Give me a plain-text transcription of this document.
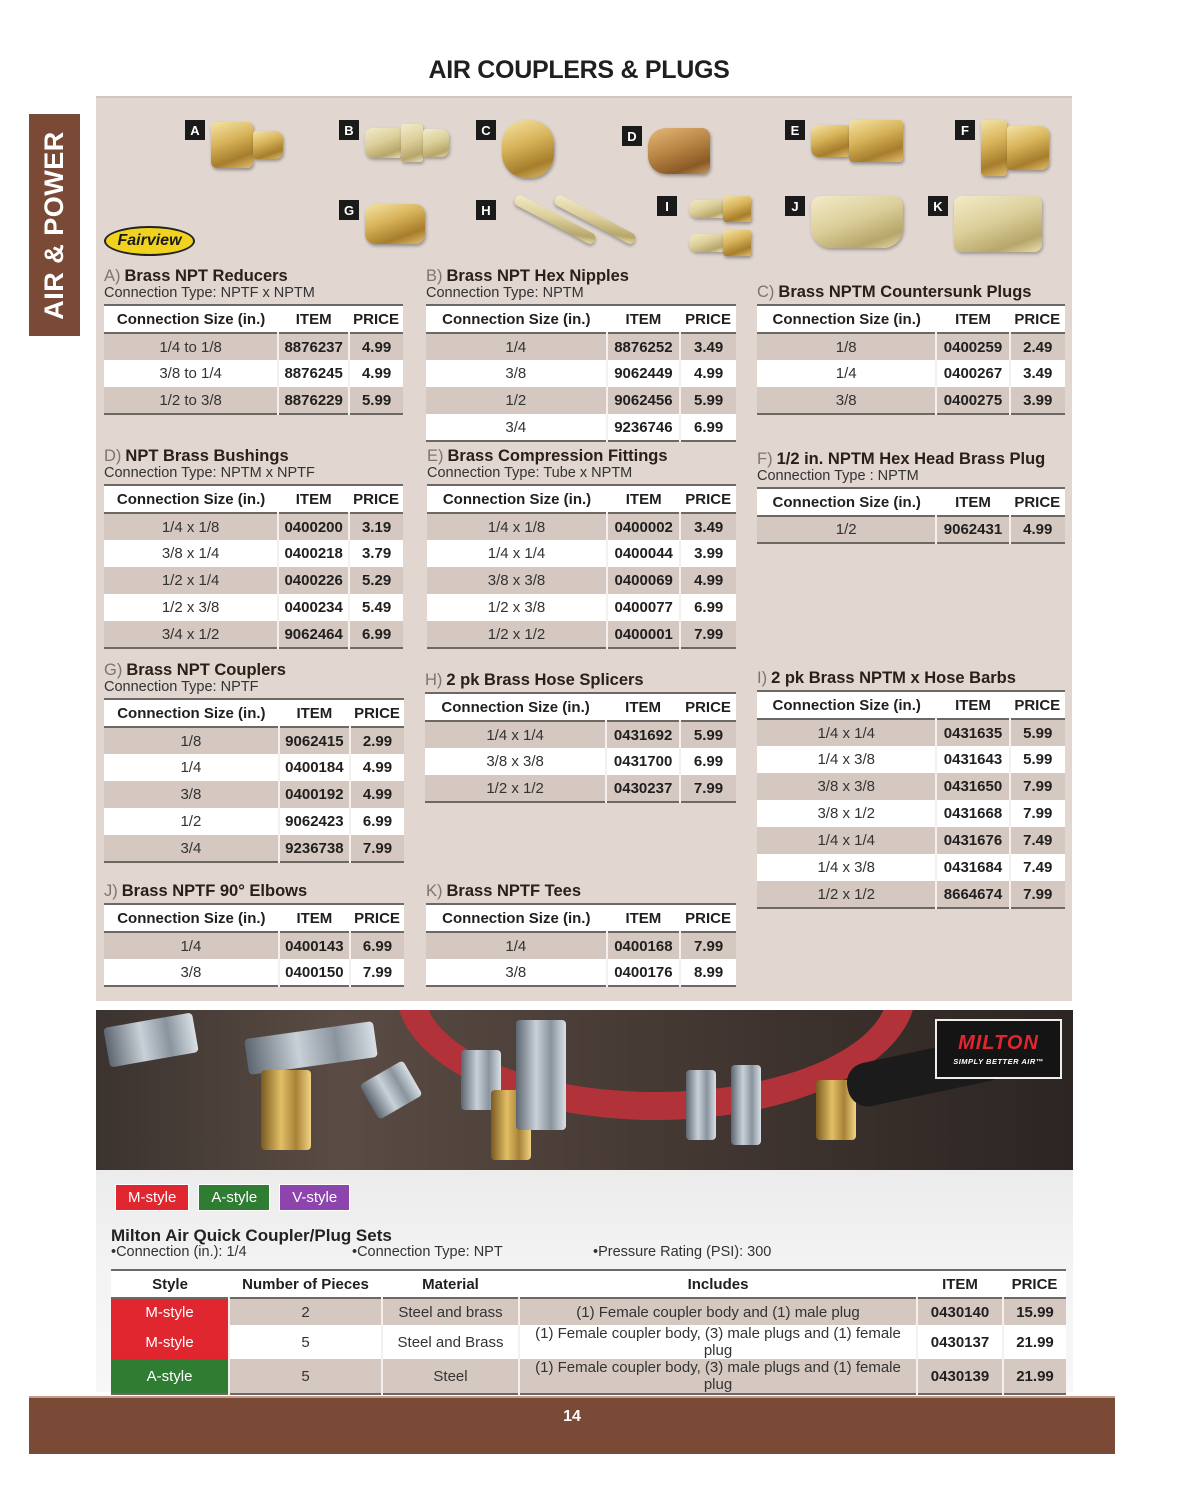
AIR COUPLERS & PLUGS
AIR & POWER
A	B	C	D	E	F
G	H	I	J	K
Fairview
A) Brass NPT Reducers
Connection Type: NPTF x NPTM
Connection Size (in.)	ITEM	PRICE
1/4 to 1/8	8876237	4.99
3/8 to 1/4	8876245	4.99
1/2 to 3/8	8876229	5.99
B) Brass NPT Hex Nipples
Connection Type: NPTM
Connection Size (in.)	ITEM	PRICE
1/4	8876252	3.49
3/8	9062449	4.99
1/2	9062456	5.99
3/4	9236746	6.99
C) Brass NPTM Countersunk Plugs
Connection Size (in.)	ITEM	PRICE
1/8	0400259	2.49
1/4	0400267	3.49
3/8	0400275	3.99
D) NPT Brass Bushings
Connection Type: NPTM x NPTF
Connection Size (in.)	ITEM	PRICE
1/4 x 1/8	0400200	3.19
3/8 x 1/4	0400218	3.79
1/2 x 1/4	0400226	5.29
1/2 x 3/8	0400234	5.49
3/4 x 1/2	9062464	6.99
E) Brass Compression Fittings
Connection Type: Tube x NPTM
Connection Size (in.)	ITEM	PRICE
1/4 x 1/8	0400002	3.49
1/4 x 1/4	0400044	3.99
3/8 x 3/8	0400069	4.99
1/2 x 3/8	0400077	6.99
1/2 x 1/2	0400001	7.99
F) 1/2 in. NPTM Hex Head Brass Plug
Connection Type : NPTM
Connection Size (in.)	ITEM	PRICE
1/2	9062431	4.99
G) Brass NPT Couplers
Connection Type: NPTF
Connection Size (in.)	ITEM	PRICE
1/8	9062415	2.99
1/4	0400184	4.99
3/8	0400192	4.99
1/2	9062423	6.99
3/4	9236738	7.99
H) 2 pk Brass Hose Splicers
Connection Size (in.)	ITEM	PRICE
1/4 x 1/4	0431692	5.99
3/8 x 3/8	0431700	6.99
1/2 x 1/2	0430237	7.99
I) 2 pk Brass NPTM x Hose Barbs
Connection Size (in.)	ITEM	PRICE
1/4 x 1/4	0431635	5.99
1/4 x 3/8	0431643	5.99
3/8 x 3/8	0431650	7.99
3/8 x 1/2	0431668	7.99
1/4 x 1/4	0431676	7.49
1/4 x 3/8	0431684	7.49
1/2 x 1/2	8664674	7.99
J) Brass NPTF 90° Elbows
Connection Size (in.)	ITEM	PRICE
1/4	0400143	6.99
3/8	0400150	7.99
K) Brass NPTF Tees
Connection Size (in.)	ITEM	PRICE
1/4	0400168	7.99
3/8	0400176	8.99
MILTON
SIMPLY BETTER AIR™
M-style	A-style	V-style
Milton Air Quick Coupler/Plug Sets
•Connection (in.): 1/4	•Connection Type: NPT	•Pressure Rating (PSI): 300
Style	Number of Pieces	Material	Includes	ITEM	PRICE
M-style	2	Steel and brass	(1) Female coupler body and (1) male plug	0430140	15.99
M-style	5	Steel and Brass	(1) Female coupler body, (3) male plugs and (1) female plug	0430137	21.99
A-style	5	Steel	(1) Female coupler body, (3) male plugs and (1) female plug	0430139	21.99
14
